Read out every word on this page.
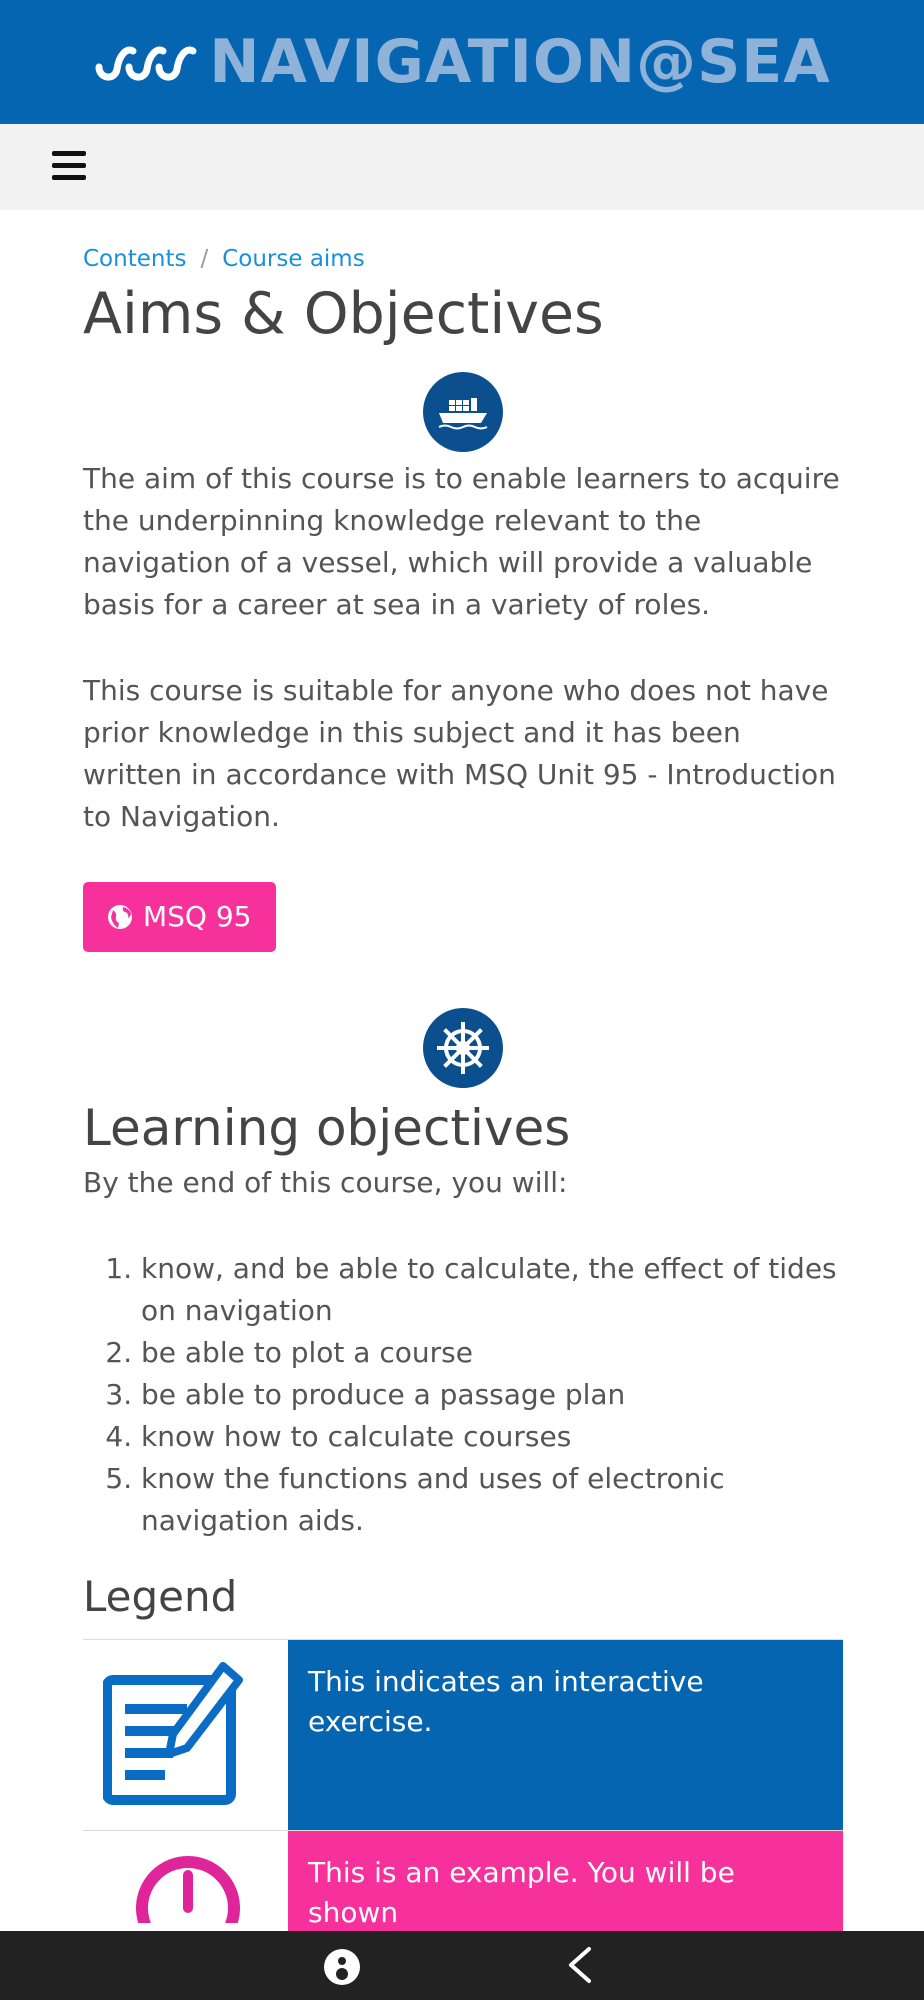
NAVIGATION@SEA
Contents / Course aims
Aims & Objectives

The aim of this course is to enable learners to acquire the underpinning knowledge relevant to the navigation of a vessel, which will provide a valuable basis for a career at sea in a variety of roles.

This course is suitable for anyone who does not have prior knowledge in this subject and it has been written in accordance with MSQ Unit 95 - Introduction to Navigation.

MSQ 95
Learning objectives

By the end of this course, you will:

1. know, and be able to calculate, the effect of tides on navigation
2. be able to plot a course
3. be able to produce a passage plan
4. know how to calculate courses
5. know the functions and uses of electronic navigation aids.
Legend
	This indicates an interactive exercise.

	This is an example. You will be shown
